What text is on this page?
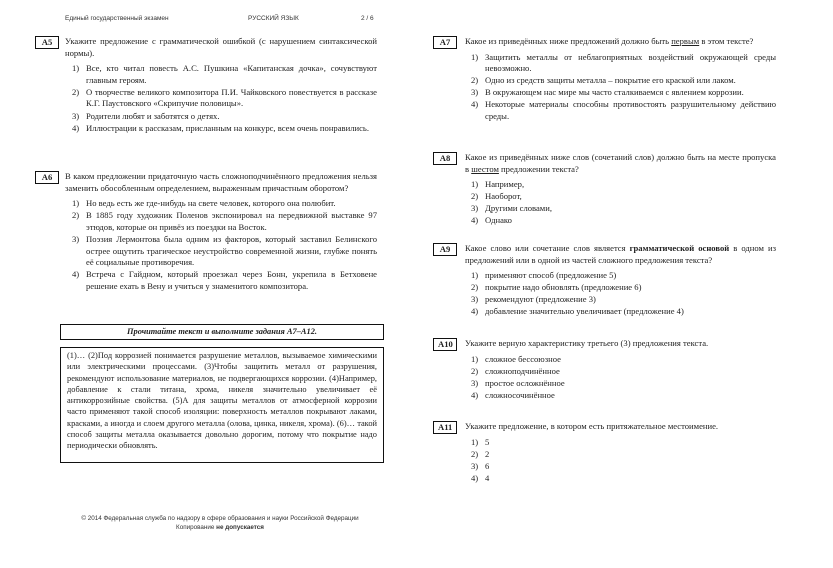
Единый государственный экзамен	РУССКИЙ ЯЗЫК	2 / 6
А5	Укажите предложение с грамматической ошибкой (с нарушением синтаксической нормы).
1) Все, кто читал повесть А.С. Пушкина «Капитанская дочка», сочувствуют главным героям.
2) О творчестве великого композитора П.И. Чайковского повествуется в рассказе К.Г. Паустовского «Скрипучие половицы».
3) Родители любят и заботятся о детях.
4) Иллюстрации к рассказам, присланным на конкурс, всем очень понравились.
А6	В каком предложении придаточную часть сложноподчинённого предложения нельзя заменить обособленным определением, выраженным причастным оборотом?
1) Но ведь есть же где-нибудь на свете человек, которого она полюбит.
2) В 1885 году художник Поленов экспонировал на передвижной выставке 97 этюдов, которые он привёз из поездки на Восток.
3) Поэзия Лермонтова была одним из факторов, который заставил Белинского острее ощутить трагическое неустройство современной жизни, глубже понять её социальные противоречия.
4) Встреча с Гайдном, который проезжал через Бонн, укрепила в Бетховене решение ехать в Вену и учиться у знаменитого композитора.
Прочитайте текст и выполните задания А7–А12.
(1)… (2)Под коррозией понимается разрушение металлов, вызываемое химическими или электрическими процессами. (3)Чтобы защитить металл от разрушения, рекомендуют использование материалов, не подвергающихся коррозии. (4)Например, добавление к стали титана, хрома, никеля значительно увеличивает её антикоррозийные свойства. (5)А для защиты металлов от атмосферной коррозии часто применяют такой способ изоляции: поверхность металлов покрывают лаками, красками, а иногда и слоем другого металла (олова, цинка, никеля, хрома). (6)… такой способ защиты металла оказывается довольно дорогим, потому что покрытие надо периодически обновлять.
А7	Какое из приведённых ниже предложений должно быть первым в этом тексте?
1) Защитить металлы от неблагоприятных воздействий окружающей среды невозможно.
2) Одно из средств защиты металла – покрытие его краской или лаком.
3) В окружающем нас мире мы часто сталкиваемся с явлением коррозии.
4) Некоторые материалы способны противостоять разрушительному действию среды.
А8	Какое из приведённых ниже слов (сочетаний слов) должно быть на месте пропуска в шестом предложении текста?
1) Например,
2) Наоборот,
3) Другими словами,
4) Однако
А9	Какое слово или сочетание слов является грамматической основой в одном из предложений или в одной из частей сложного предложения текста?
1) применяют способ (предложение 5)
2) покрытие надо обновлять (предложение 6)
3) рекомендуют (предложение 3)
4) добавление значительно увеличивает (предложение 4)
А10	Укажите верную характеристику третьего (3) предложения текста.
1) сложное бессоюзное
2) сложноподчинённое
3) простое осложнённое
4) сложносочинённое
А11	Укажите предложение, в котором есть притяжательное местоимение.
1) 5
2) 2
3) 6
4) 4
© 2014 Федеральная служба по надзору в сфере образования и науки Российской Федерации
Копирование не допускается
